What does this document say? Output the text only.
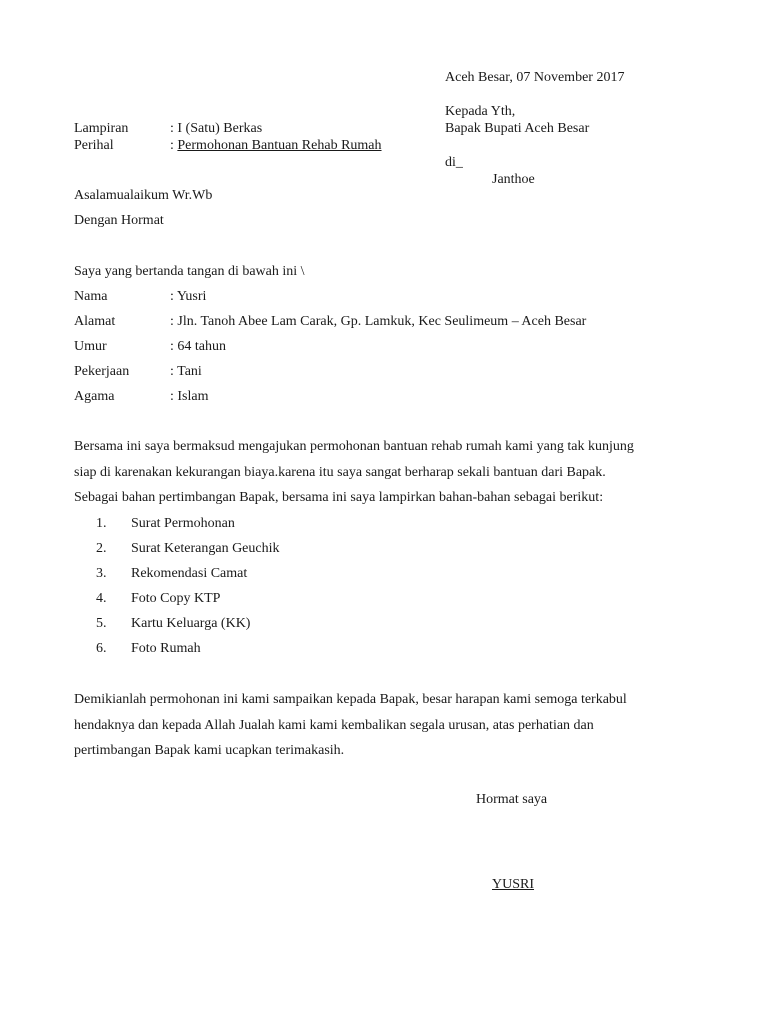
Aceh Besar, 07 November 2017
Kepada Yth,
Bapak Bupati Aceh Besar
di_
Janthoe
Lampiran	: I (Satu) Berkas
Perihal	: Permohonan Bantuan Rehab Rumah
Asalamualaikum Wr.Wb
Dengan Hormat
Saya yang bertanda tangan di bawah ini \
Nama	: Yusri
Alamat	: Jln. Tanoh Abee Lam Carak, Gp. Lamkuk, Kec Seulimeum – Aceh Besar
Umur	: 64 tahun
Pekerjaan	: Tani
Agama	: Islam
Bersama ini saya bermaksud mengajukan permohonan bantuan rehab rumah kami yang tak kunjung
siap di karenakan kekurangan biaya.karena itu saya sangat berharap sekali bantuan dari Bapak.
Sebagai bahan pertimbangan Bapak, bersama ini saya lampirkan bahan-bahan sebagai berikut:
1. Surat Permohonan
2. Surat Keterangan Geuchik
3. Rekomendasi Camat
4. Foto Copy KTP
5. Kartu Keluarga (KK)
6. Foto Rumah
Demikianlah permohonan ini kami sampaikan kepada Bapak, besar harapan kami semoga terkabul
hendaknya dan kepada Allah Jualah kami kami kembalikan segala urusan, atas perhatian dan
pertimbangan Bapak kami ucapkan terimakasih.
Hormat saya
YUSRI
